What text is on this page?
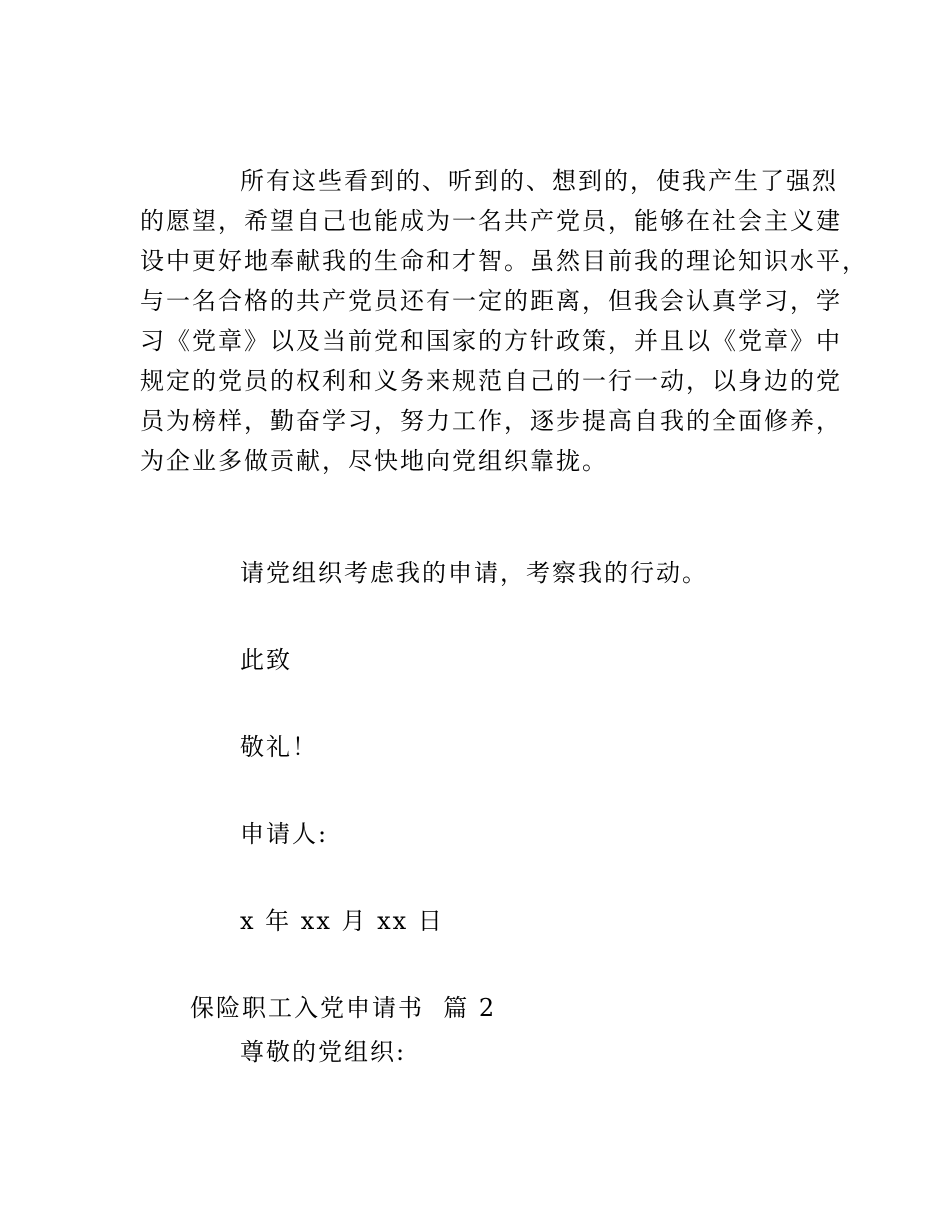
所有这些看到的、听到的、想到的，使我产生了强烈
的愿望，希望自己也能成为一名共产党员，能够在社会主义建
设中更好地奉献我的生命和才智。虽然目前我的理论知识水平，
与一名合格的共产党员还有一定的距离，但我会认真学习，学
习《党章》以及当前党和国家的方针政策，并且以《党章》中
规定的党员的权利和义务来规范自己的一行一动，以身边的党
员为榜样，勤奋学习，努力工作，逐步提高自我的全面修养，
为企业多做贡献，尽快地向党组织靠拢。
请党组织考虑我的申请，考察我的行动。
此致
敬礼！
申请人:
x 年 xx 月 xx 日
保险职工入党申请书  篇 2
尊敬的党组织:
